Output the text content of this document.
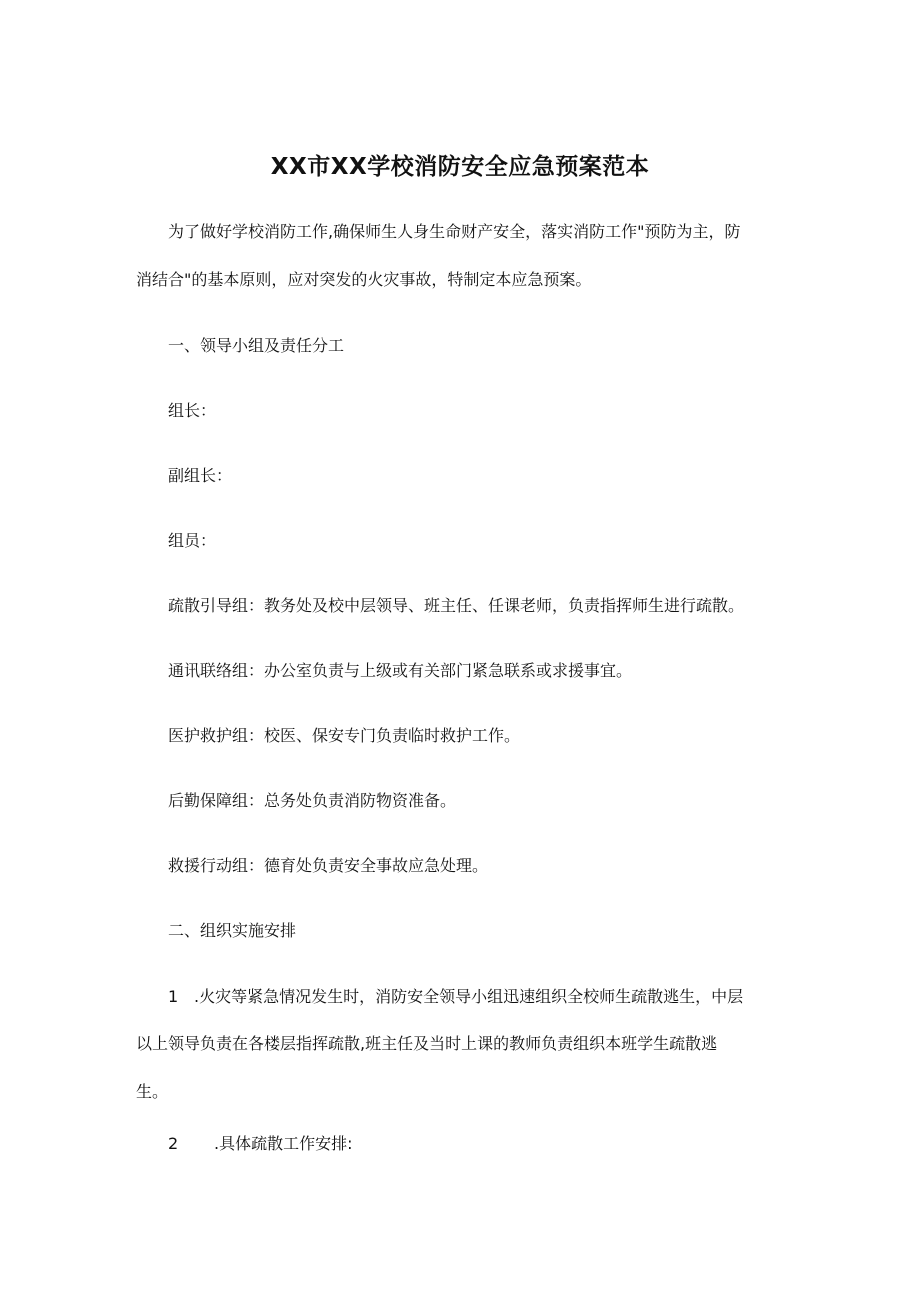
XX市XX学校消防安全应急预案范本
为了做好学校消防工作,确保师生人身生命财产安全，落实消防工作"预防为主，防
消结合"的基本原则，应对突发的火灾事故，特制定本应急预案。
一、领导小组及责任分工
组长：
副组长：
组员：
疏散引导组：教务处及校中层领导、班主任、任课老师，负责指挥师生进行疏散。
通讯联络组：办公室负责与上级或有关部门紧急联系或求援事宜。
医护救护组：校医、保安专门负责临时救护工作。
后勤保障组：总务处负责消防物资准备。
救援行动组：德育处负责安全事故应急处理。
二、组织实施安排
1 .火灾等紧急情况发生时，消防安全领导小组迅速组织全校师生疏散逃生，中层
以上领导负责在各楼层指挥疏散,班主任及当时上课的教师负责组织本班学生疏散逃
生。
2 .具体疏散工作安排:
